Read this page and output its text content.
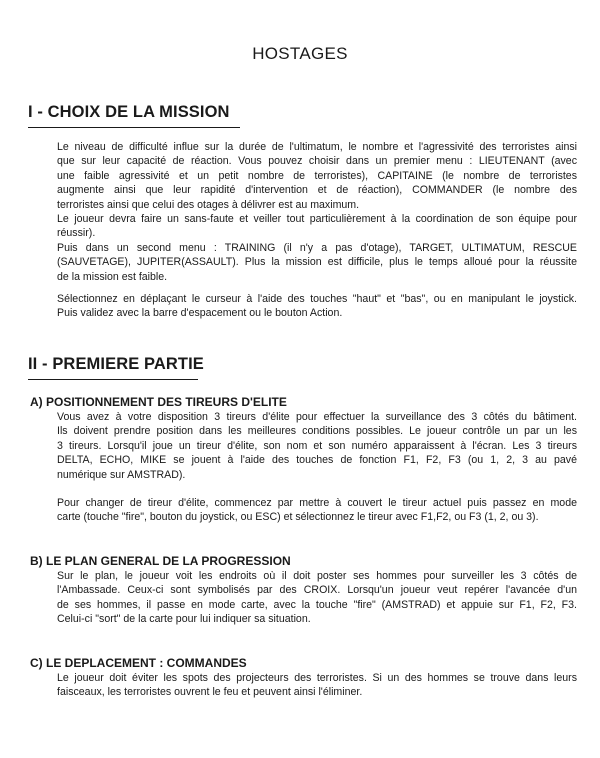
HOSTAGES
I - CHOIX DE LA MISSION

Le niveau de difficulté influe sur la durée de l'ultimatum, le nombre et l'agressivité des terroristes ainsi

que sur leur capacité de réaction. Vous pouvez choisir dans un premier menu : LIEUTENANT (avec

une faible agressivité et un petit nombre de terroristes), CAPITAINE (le nombre de terroristes

augmente ainsi que leur rapidité d'intervention et de réaction), COMMANDER (le nombre des

terroristes ainsi que celui des otages à délivrer est au maximum.

Le joueur devra faire un sans-faute et veiller tout particulièrement à la coordination de son équipe pour

réussir).

Puis dans un second menu : TRAINING (il n'y a pas d'otage), TARGET, ULTIMATUM, RESCUE

(SAUVETAGE), JUPITER(ASSAULT). Plus la mission est difficile, plus le temps alloué pour la réussite

de la mission est faible.

Sélectionnez en déplaçant le curseur à l'aide des touches "haut" et "bas", ou en manipulant le joystick.

Puis validez avec la barre d'espacement ou le bouton Action.

II - PREMIERE PARTIE
A) POSITIONNEMENT DES TIREURS D'ELITE

Vous avez à votre disposition 3 tireurs d'élite pour effectuer la surveillance des 3 côtés du bâtiment.

Ils doivent prendre position dans les meilleures conditions possibles. Le joueur contrôle un par un les

3 tireurs. Lorsqu'il joue un tireur d'élite, son nom et son numéro apparaissent à l'écran. Les 3 tireurs

DELTA, ECHO, MIKE se jouent à l'aide des touches de fonction F1, F2, F3 (ou 1, 2, 3 au pavé

numérique sur AMSTRAD).

Pour changer de tireur d'élite, commencez par mettre à couvert le tireur actuel puis passez en mode

carte (touche "fire", bouton du joystick, ou ESC) et sélectionnez le tireur avec F1,F2, ou F3 (1, 2, ou 3).

B) LE PLAN GENERAL DE LA PROGRESSION

Sur le plan, le joueur voit les endroits où il doit poster ses hommes pour surveiller les 3 côtés de

l'Ambassade. Ceux-ci sont symbolisés par des CROIX. Lorsqu'un joueur veut repérer l'avancée d'un

de ses hommes, il passe en mode carte, avec la touche "fire" (AMSTRAD) et appuie sur F1, F2, F3.

Celui-ci "sort" de la carte pour lui indiquer sa situation.

C) LE DEPLACEMENT : COMMANDES

Le joueur doit éviter les spots des projecteurs des terroristes. Si un des hommes se trouve dans leurs

faisceaux, les terroristes ouvrent le feu et peuvent ainsi l'éliminer.
